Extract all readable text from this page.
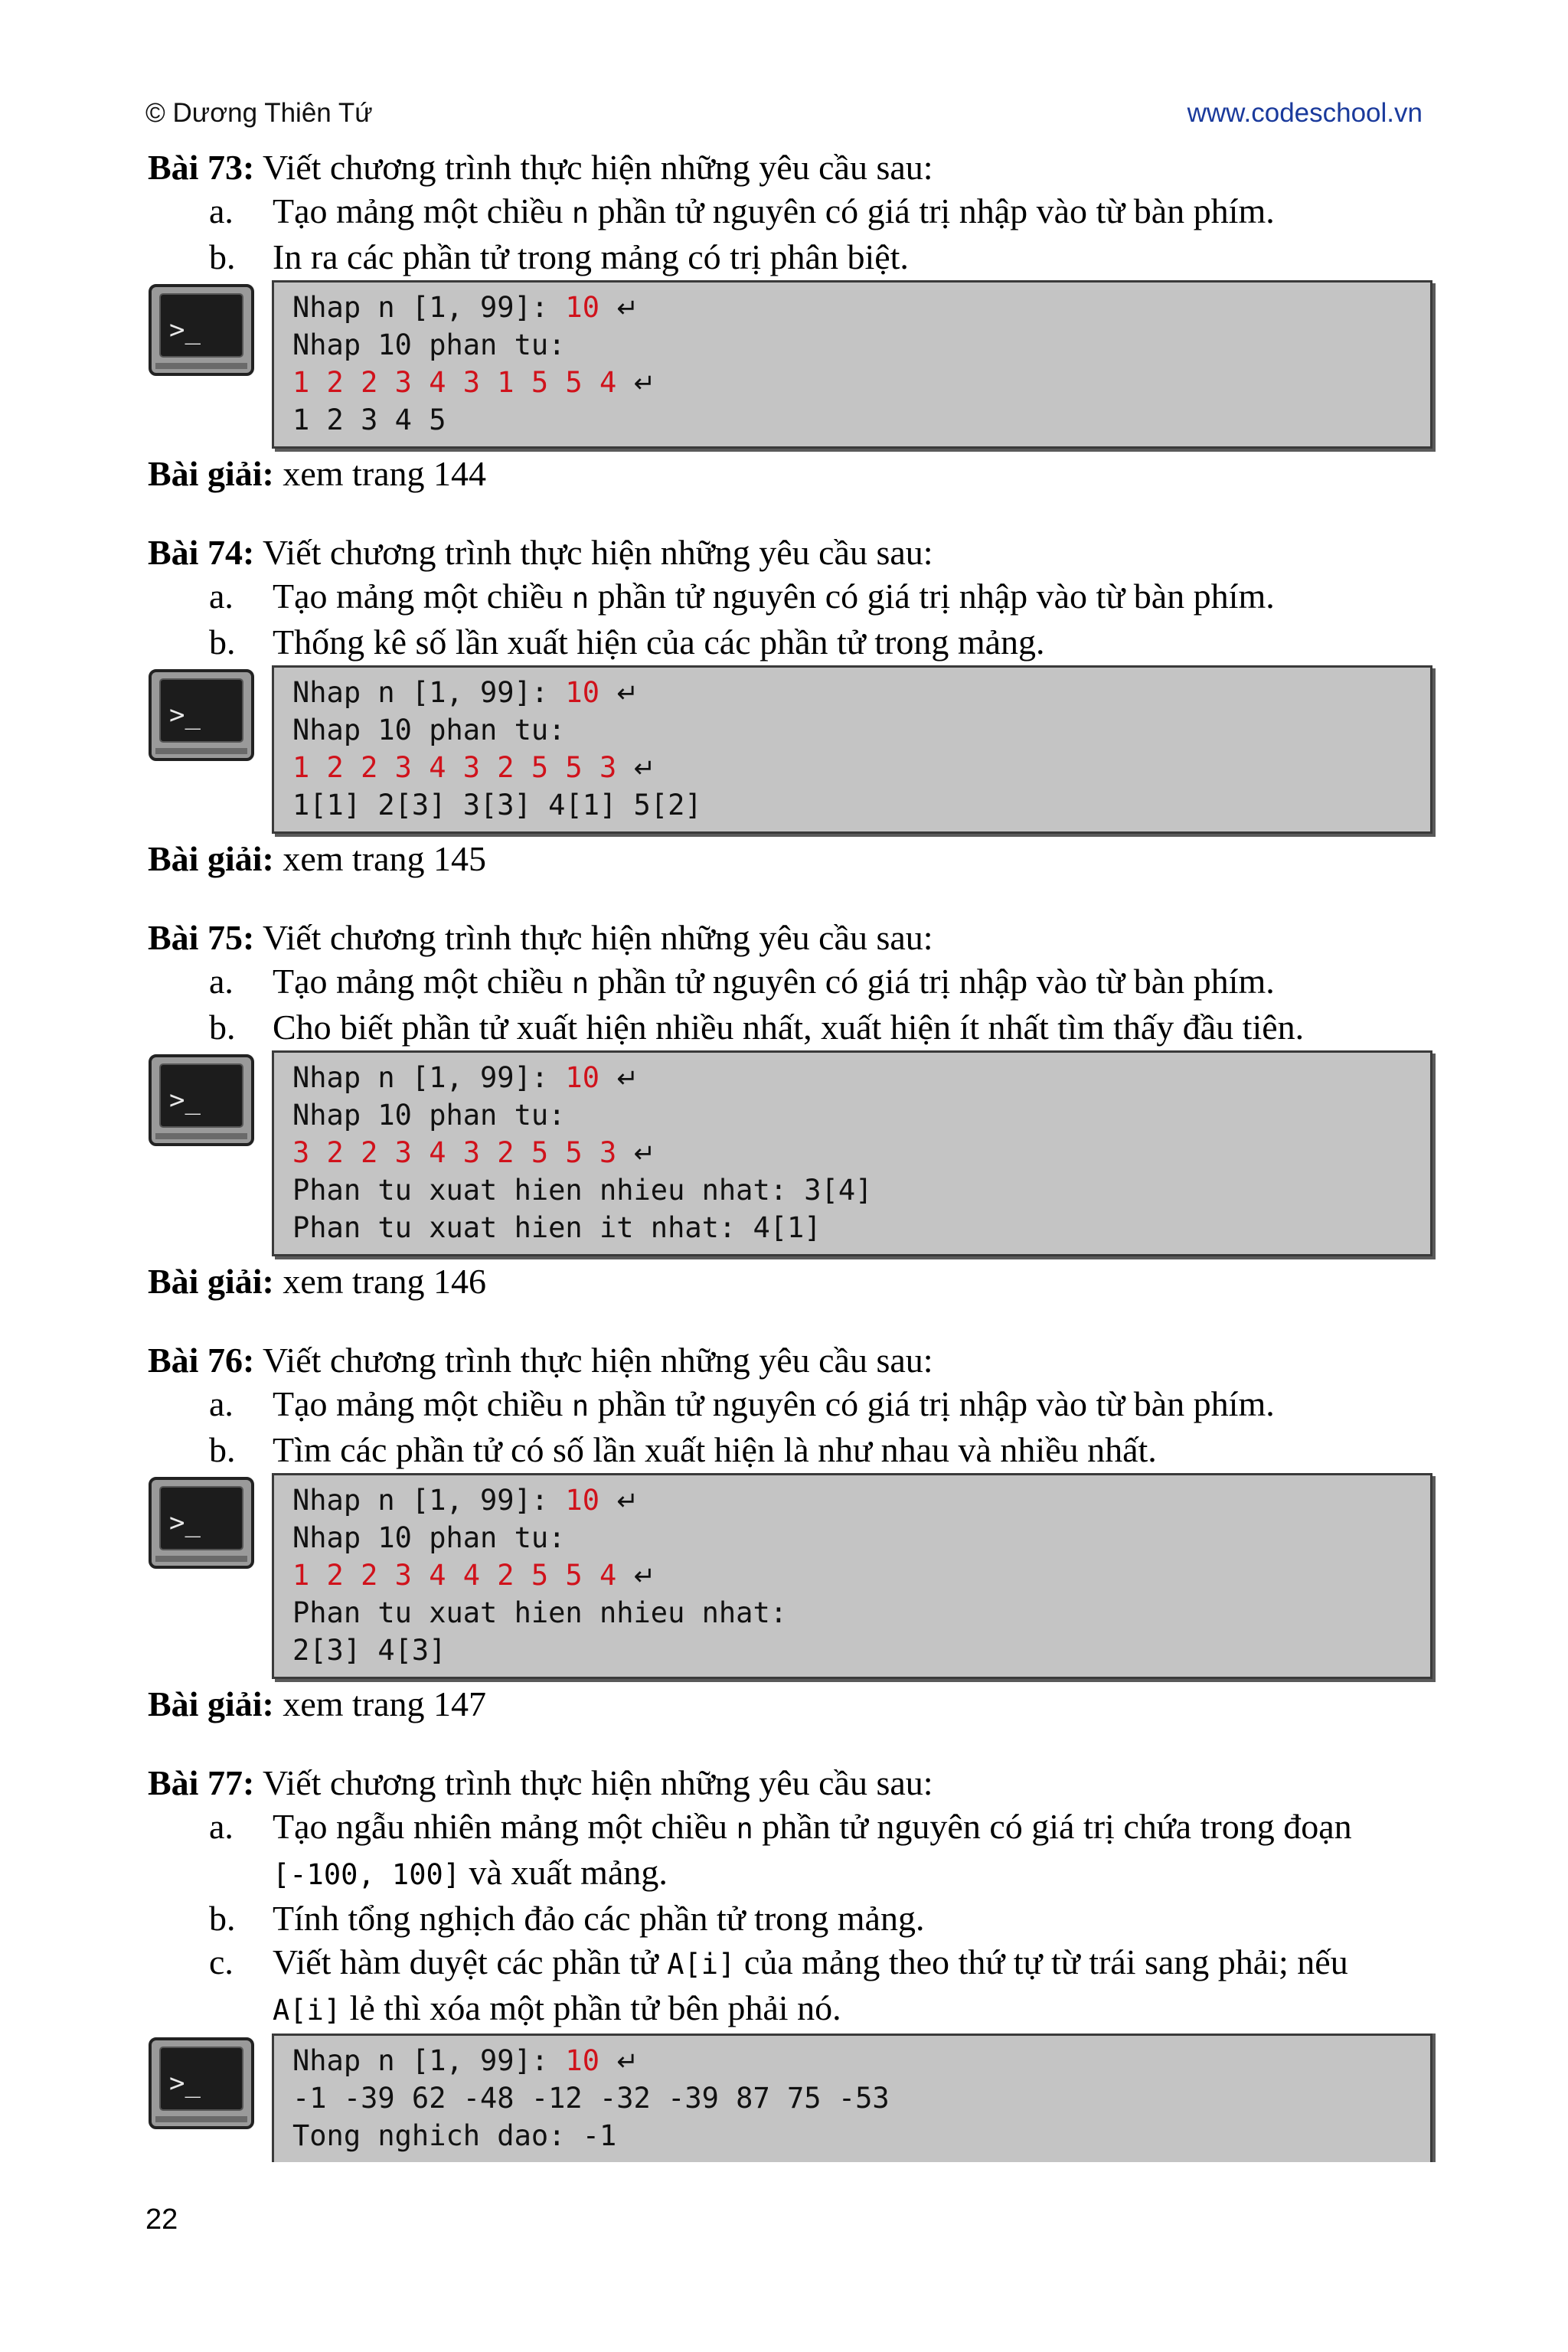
© Dương Thiên Tứ	www.codeschool.vn
Bài 73: Viết chương trình thực hiện những yêu cầu sau:
a. Tạo mảng một chiều n phần tử nguyên có giá trị nhập vào từ bàn phím.
b. In ra các phần tử trong mảng có trị phân biệt.
>_
Nhap n [1, 99]: 10 ↵
Nhap 10 phan tu:
1 2 2 3 4 3 1 5 5 4 ↵
1 2 3 4 5
Bài giải: xem trang 144
Bài 74: Viết chương trình thực hiện những yêu cầu sau:
a. Tạo mảng một chiều n phần tử nguyên có giá trị nhập vào từ bàn phím.
b. Thống kê số lần xuất hiện của các phần tử trong mảng.
>_
Nhap n [1, 99]: 10 ↵
Nhap 10 phan tu:
1 2 2 3 4 3 2 5 5 3 ↵
1[1] 2[3] 3[3] 4[1] 5[2]
Bài giải: xem trang 145
Bài 75: Viết chương trình thực hiện những yêu cầu sau:
a. Tạo mảng một chiều n phần tử nguyên có giá trị nhập vào từ bàn phím.
b. Cho biết phần tử xuất hiện nhiều nhất, xuất hiện ít nhất tìm thấy đầu tiên.
>_
Nhap n [1, 99]: 10 ↵
Nhap 10 phan tu:
3 2 2 3 4 3 2 5 5 3 ↵
Phan tu xuat hien nhieu nhat: 3[4]
Phan tu xuat hien it nhat: 4[1]
Bài giải: xem trang 146
Bài 76: Viết chương trình thực hiện những yêu cầu sau:
a. Tạo mảng một chiều n phần tử nguyên có giá trị nhập vào từ bàn phím.
b. Tìm các phần tử có số lần xuất hiện là như nhau và nhiều nhất.
>_
Nhap n [1, 99]: 10 ↵
Nhap 10 phan tu:
1 2 2 3 4 4 2 5 5 4 ↵
Phan tu xuat hien nhieu nhat:
2[3] 4[3]
Bài giải: xem trang 147
Bài 77: Viết chương trình thực hiện những yêu cầu sau:
a. Tạo ngẫu nhiên mảng một chiều n phần tử nguyên có giá trị chứa trong đoạn
[-100, 100] và xuất mảng.
b. Tính tổng nghịch đảo các phần tử trong mảng.
c. Viết hàm duyệt các phần tử A[i] của mảng theo thứ tự từ trái sang phải; nếu
A[i] lẻ thì xóa một phần tử bên phải nó.
>_
Nhap n [1, 99]: 10 ↵
-1 -39 62 -48 -12 -32 -39 87 75 -53
Tong nghich dao: -1
22
